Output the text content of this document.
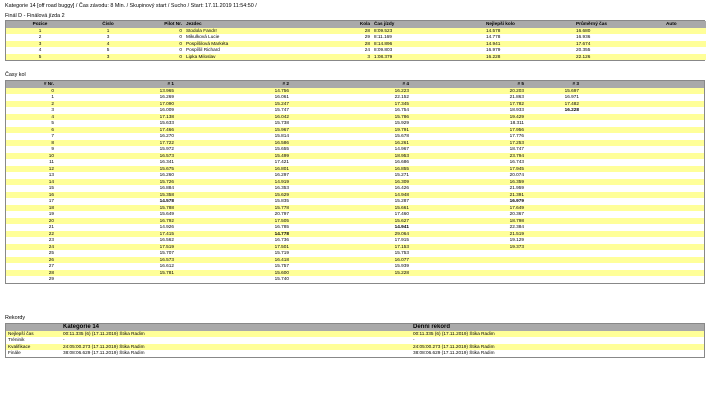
Kategorie 14 [off road buggy] / Čas závodu: 8 Min. / Skupinový start / Sucho / Start: 17.11.2019 11:54:50 /
Finál D - Finálová jízda 2
Pozice	Číslo	Pilot Nr.	Jezdec	Kola	Čas jízdy	Nejlepší kolo	Průměrný čas	Auto
1	1	0	Stodola Fandrr	28	8:09.523	14.578	16.680	
2	3	0	Mikulková Lucie	29	8:11.169	14.778	16.936	
3	4	0	Pospíšilová Markéta	28	8:14.896	14.941	17.674	
4	5	0	Pospíšil Richard	24	8:09.803	16.979	20.355	
5	3	0	Lipka Miloslav	3	1:08.379	16.228	22.126	
Časy kol
# Nr.	# 1	# 2	# 4	# 5	# 3	
0	13.965	14.756	16.223	20.203	15.697	
1	16.269	16.061	22.152	21.863	16.971	
2	17.090	15.247	17.345	17.782	17.482	
3	16.009	15.747	16.754	18.933	16.228	
4	17.138	16.042	15.786	19.429		
5	15.633	15.738	15.929	18.311		
6	17.466	15.967	19.791	17.956		
7	16.270	15.814	15.678	17.776		
8	17.722	16.586	16.261	17.253		
9	15.972	15.655	14.967	18.747		
10	16.573	15.499	18.953	23.794		
11	16.341	17.421	16.686	16.743		
12	15.675	16.801	16.855	17.945		
13	16.260	16.297	15.271	20.074		
14	15.726	14.919	16.309	16.359		
15	16.884	16.353	16.426	21.959		
16	15.358	15.629	14.948	21.391		
17	14.578	15.835	15.287	16.979		
18	15.788	15.778	15.661	17.649		
19	15.649	20.797	17.460	20.367		
20	16.792	17.505	15.627	18.798		
21	14.926	16.785	14.941	22.384		
22	17.415	14.778	29.064	21.519		
23	16.562	16.736	17.915	19.129		
24	17.519	17.501	17.153	19.373		
25	15.707	15.719	15.753			
26	16.573	16.418	16.077			
27	16.612	15.757	15.939			
28	15.781	15.600	15.228			
29		15.740				
Rekordy
	Kategorie 14	Denní rekord
Nejlepší čas	00:11.335 (6) (17.11.2019) Štika Radim	00:11.335 (6) (17.11.2019) Štika Radim
Tréninik	-	-
Kvalifikace	24:05:00.273 (17.11.2019) Štika Radim	24:05:00.273 (17.11.2019) Štika Radim
Finále	38:08:06.629 (17.11.2019) Štika Radim	38:08:06.629 (17.11.2019) Štika Radim
